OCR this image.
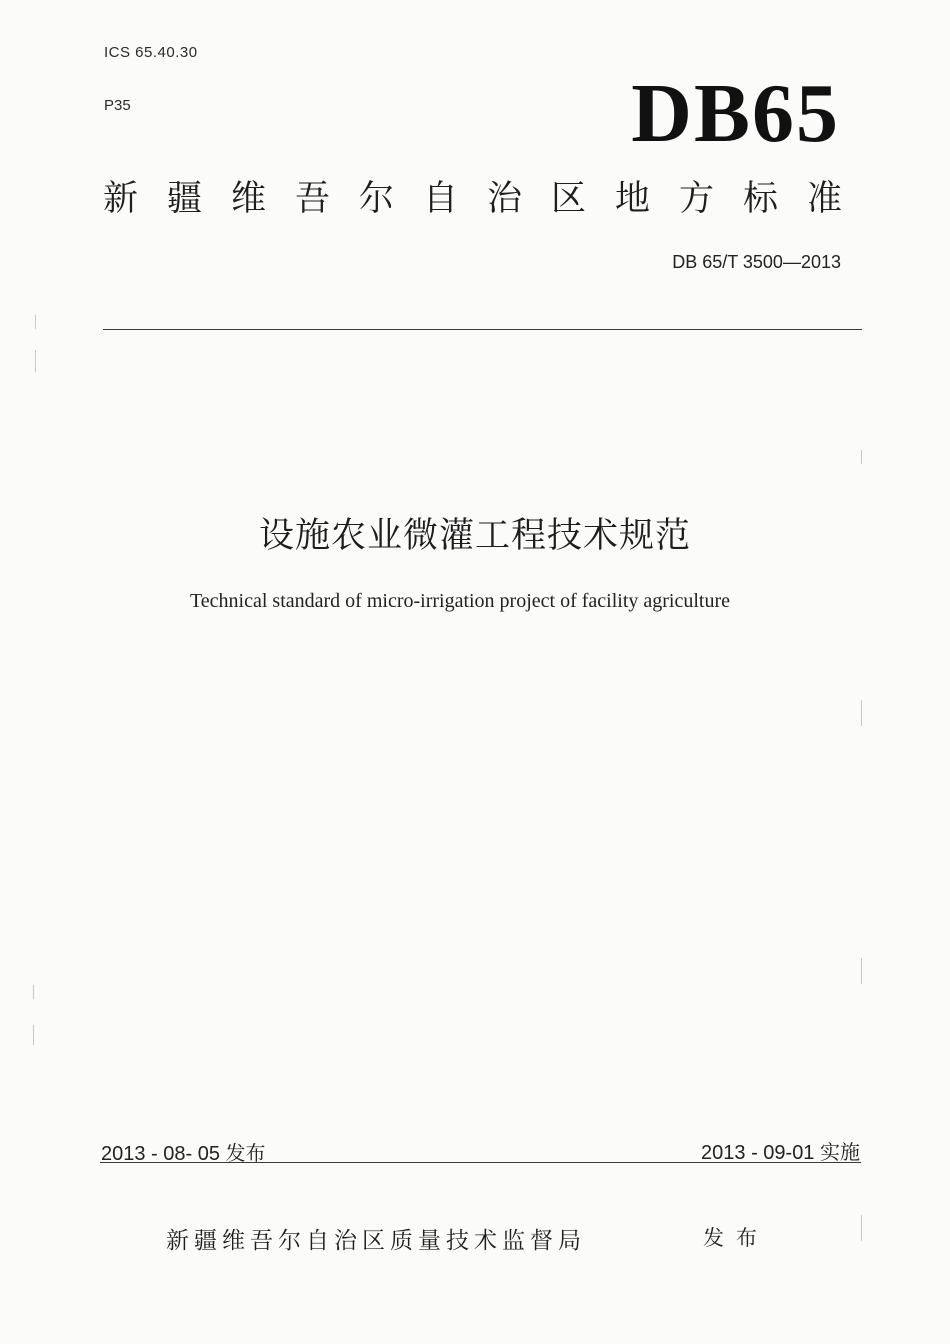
ICS 65.40.30
P35	DB65
新疆维吾尔自治区地方标准
DB 65/T 3500—2013
设施农业微灌工程技术规范
Technical standard of micro-irrigation project of facility agriculture
2013 - 08- 05 发布	2013 - 09-01 实施
新疆维吾尔自治区质量技术监督局	发布
